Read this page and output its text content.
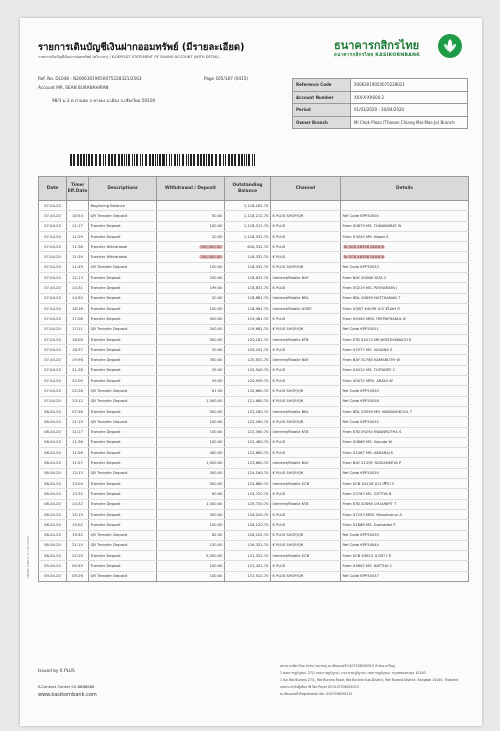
รายการเดินบัญชีเงินฝากออมทรัพย์ (มีรายละเอียด)
รายการเดินบัญชีเงินฝากออมทรัพย์ (ทวิภาษา) / K-DEPOSIT STATEMENT OF SAVING ACCOUNT (WITH DETAIL)
ธนาคารกสิกรไทย
ธนาคารกสิกรไทย KASIKORNBANK
Ref. No. DL048 : N20063019050075228321/2563	Page 165/187 (0415)
Account MR. SEAN BURANAHIRAN
98/1 ม.3 ต.ป่าแดด ถ.หางดง อ.เมือง จ.เชียงใหม่ 50100
Reference Code	20063019050075228021
Account Number	XXX-X-XX604-2
Period	01/03/2020 - 30/04/2020
Owner Branch	Mi Chok Plaza (Thanon Chiang Mai-Mae Jo) Branch
Date	Time/ Eff.Date	Descriptions	Withdrawal / Deposit	Outstanding Balance	Channel	Details
07-04-20		Beginning Balance		1,118,162.70		
07-04-20	10:54	QR Transfer Deposit	50.00	1,118,212.70	K PLUS SHOP/QR	Ref Code KPP34000
07-04-20	11:17	Transfer Deposit	100.00	1,118,312.70	K PLUS	From X0879 MS. THAWANRAT W
07-04-20	11:29	Transfer Deposit	20.00	1,118,332.70	K PLUS	From X3040 MR. Napat S
07-04-20	11:38	Transfer Withdrawal	500,000.00	618,332.70	K PLUS	To SCB X6358 SEAN B
07-04-20	11:39	Transfer Withdrawal	500,000.00	118,332.70	K PLUS	To SCB X6358 SEAN B
07-04-20	11:49	QR Transfer Deposit	100.00	118,432.70	K PLUS SHOP/QR	Ref Code KPP34033
07-04-20	12:13	Transfer Deposit	200.00	118,632.70	Internet/Mobile BAY	From BAY X0088 YATA C
07-04-20	14:31	Transfer Deposit	199.00	118,831.70	K PLUS	From X0219 MS. PATHARAPA J
07-04-20	14:50	Transfer Deposit	50.00	118,881.70	Internet/Mobile BBL	From BBL X0690 NATTHANAN T
07-04-20	16:16	Transfer Deposit	100.00	118,981.70	Internet/Mobile UOBT	From UOBT X4039 นาง ชไมพร ส
07-04-20	17:08	Transfer Deposit	500.00	119,481.70	K PLUS	From X9440 MRS. PATPAPHAKUL B
07-04-20	17:21	QR Transfer Deposit	200.00	119,681.70	K PLUS SHOP/QR	Ref Code KPP34051
07-04-20	18:00	Transfer Deposit	500.00	120,181.70	Internet/Mobile KTB	From KTB X4013 MR.NONTHAWACH K
07-04-20	18:37	Transfer Deposit	20.00	120,201.70	K PLUS	From X7077 MS. VASANA S
07-04-20	19:56	Transfer Deposit	300.00	120,501.70	Internet/Mobile BAY	From BAY X2785 KAMANUTH W
07-04-20	21:28	Transfer Deposit	39.00	120,540.70	K PLUS	From X4012 MS. THITAREE C
07-04-20	22:00	Transfer Deposit	59.00	120,599.70	K PLUS	From X0072 MRS. ARAYA W
07-04-20	22:28	QR Transfer Deposit	61.00	120,660.70	K PLUS SHOP/QR	Ref Code KPP34050
07-04-20	23:12	QR Transfer Deposit	1,000.00	121,660.70	K PLUS SHOP/QR	Ref Code KPP34058
08-04-20	07:38	Transfer Deposit	500.00	122,160.70	Internet/Mobile BBL	From BBL X3590 MR. WARANGKOOL T
08-04-20	11:19	QR Transfer Deposit	100.00	122,260.70	K PLUS SHOP/QR	Ref Code KPP34032
08-04-20	11:27	Transfer Deposit	100.00	122,360.70	Internet/Mobile KTB	From KTB X9294 KWANRUTHA S
08-04-20	11:36	Transfer Deposit	100.00	122,460.70	K PLUS	From X0666 MS. Sasuda W
08-04-20	11:56	Transfer Deposit	400.00	122,860.70	K PLUS	From X1067 MR. AKKARAJ K
08-04-20	11:57	Transfer Deposit	1,000.00	123,860.70	Internet/Mobile BAY	From BAY X1295 TASSANEEYA P
08-04-20	12:13	QR Transfer Deposit	300.00	124,160.70	K PLUS SHOP/QR	Ref Code KPP34020
08-04-20	13:04	Transfer Deposit	500.00	124,660.70	Internet/Mobile SCB	From SCB X4126 นาง ปรีชา ก
08-04-20	13:32	Transfer Deposit	60.00	124,720.70	K PLUS	From X3763 MS. GITTIYA B
08-04-20	14:32	Transfer Deposit	1,000.00	125,720.70	Internet/Mobile KTB	From KTB X2898 CHAUNPIT T
08-04-20	15:19	Transfer Deposit	300.00	126,020.70	K PLUS	From X7253 MRS. Manatsarun A
08-04-20	19:02	Transfer Deposit	100.00	126,120.70	K PLUS	From X1888 MS. Duesadee P
08-04-20	19:42	QR Transfer Deposit	82.00	126,202.70	K PLUS SHOP/QR	Ref Code KPP34039
08-04-20	21:15	QR Transfer Deposit	120.00	126,322.70	K PLUS SHOP/QR	Ref Code KPP34044
08-04-20	22:20	Transfer Deposit	5,000.00	131,322.70	Internet/Mobile SCB	From SCB X5815 นางสาว ช
09-04-20	00:49	Transfer Deposit	100.00	131,422.70	K PLUS	From X4602 MS. NATTHA C
09-04-20	05:26	QR Transfer Deposit	100.00	131,522.70	K PLUS SHOP/QR	Ref Code KPP34037
KBPDF (FM01) (21-02-2020)
Issued by K PLUS
K-Contact Center 02-8888888
www.kasikornbank.com
ธนาคารกสิกรไทย จำกัด (มหาชน) ทะเบียนเลขที่ 0107536000315 สำนักงานใหญ่
1 ซอยราษฎร์บูรณะ 27/1 ถนนราษฎร์บูรณะ แขวงราษฎร์บูรณะ เขตราษฎร์บูรณะ กรุงเทพมหานคร 10140
1 Soi Rat Burana 27/1, Rat Burana Road, Rat Burana Sub-District, Rat Burana District, Bangkok 10140, Thailand
เลขประจำตัวผู้เสียภาษี Tax Payer ID 0107536000315
ทะเบียนเลขที่ Registration No. 0107536000315
